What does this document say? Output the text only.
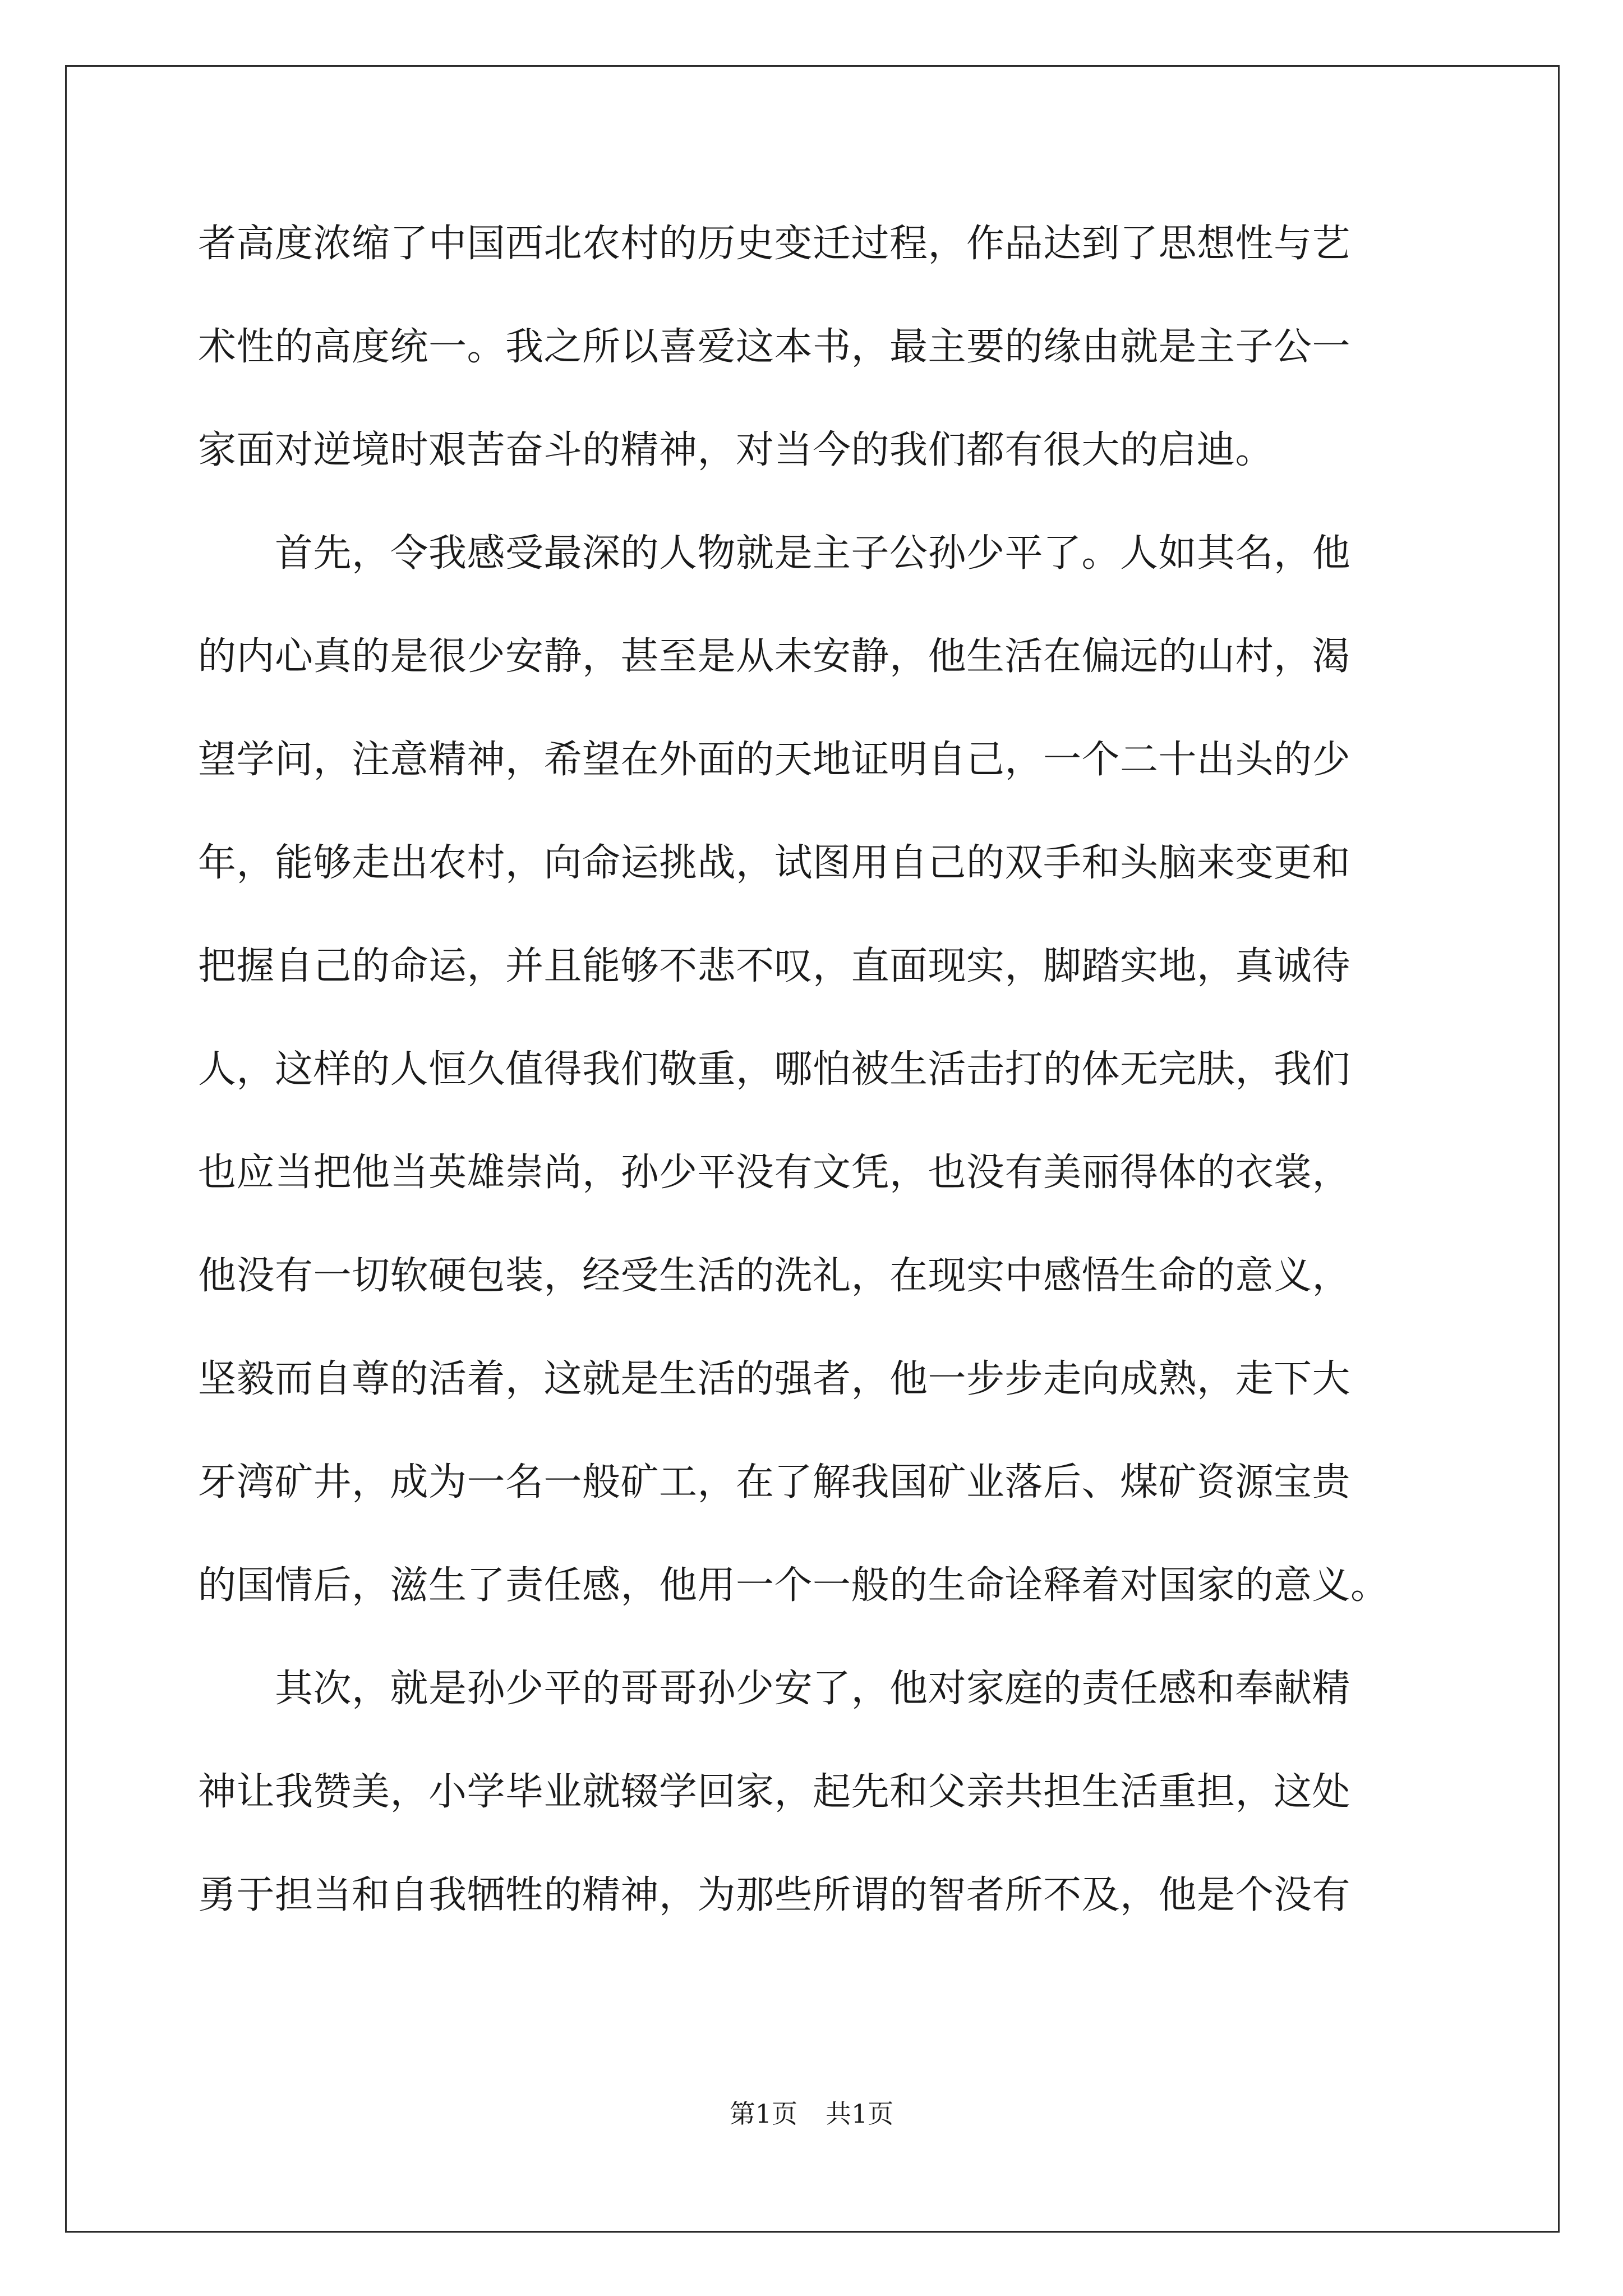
者高度浓缩了中国西北农村的历史变迁过程，作品达到了思想性与艺
术性的高度统一。我之所以喜爱这本书，最主要的缘由就是主子公一
家面对逆境时艰苦奋斗的精神，对当今的我们都有很大的启迪。
　　首先，令我感受最深的人物就是主子公孙少平了。人如其名，他
的内心真的是很少安静，甚至是从未安静，他生活在偏远的山村，渴
望学问，注意精神，希望在外面的天地证明自己，一个二十出头的少
年，能够走出农村，向命运挑战，试图用自己的双手和头脑来变更和
把握自己的命运，并且能够不悲不叹，直面现实，脚踏实地，真诚待
人，这样的人恒久值得我们敬重，哪怕被生活击打的体无完肤，我们
也应当把他当英雄崇尚，孙少平没有文凭，也没有美丽得体的衣裳，
他没有一切软硬包装，经受生活的洗礼，在现实中感悟生命的意义，
坚毅而自尊的活着，这就是生活的强者，他一步步走向成熟，走下大
牙湾矿井，成为一名一般矿工，在了解我国矿业落后、煤矿资源宝贵
的国情后，滋生了责任感，他用一个一般的生命诠释着对国家的意义。
　　其次，就是孙少平的哥哥孙少安了，他对家庭的责任感和奉献精
神让我赞美，小学毕业就辍学回家，起先和父亲共担生活重担，这处
勇于担当和自我牺牲的精神，为那些所谓的智者所不及，他是个没有
第1页 共1页
